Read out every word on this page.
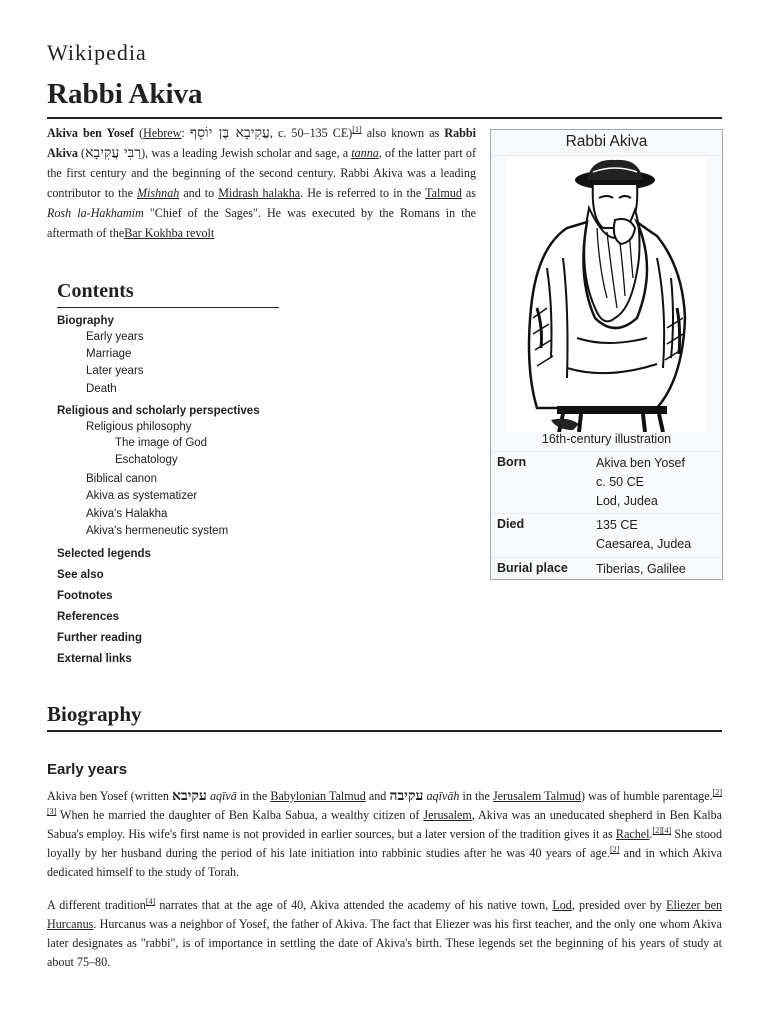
Wikipedia
Rabbi Akiva
Akiva ben Yosef (Hebrew: עֲקִיבָא בֶּן יוֹסֵף, c. 50–135 CE)[1] also known as Rabbi Akiva (רַבִּי עֲקִיבָא), was a leading Jewish scholar and sage, a tanna, of the latter part of the first century and the beginning of the second century. Rabbi Akiva was a leading contributor to the Mishnah and to Midrash halakha. He is referred to in the Talmud as Rosh la-Hakhamim "Chief of the Sages". He was executed by the Romans in the aftermath of theBar Kokhba revolt
Rabbi Akiva
16th-century illustration
Born	Akiva ben Yosef
c. 50 CE
Lod, Judea
Died	135 CE
Caesarea, Judea
Burial place Tiberias, Galilee
Contents
Biography
Early years
Marriage
Later years
Death
Religious and scholarly perspectives
Religious philosophy
The image of God
Eschatology
Biblical canon
Akiva as systematizer
Akiva's Halakha
Akiva's hermeneutic system
Selected legends
See also
Footnotes
References
Further reading
External links
Biography
Early years

Akiva ben Yosef (written עקיבא aqīvā in the Babylonian Talmud and עקיבה aqīvāh in the Jerusalem Talmud) was of humble parentage.[2][3] When he married the daughter of Ben Kalba Sabua, a wealthy citizen of Jerusalem, Akiva was an uneducated shepherd in Ben Kalba Sabua's employ. His wife's first name is not provided in earlier sources, but a later version of the tradition gives it as Rachel.[2][4] She stood loyally by her husband during the period of his late initiation into rabbinic studies after he was 40 years of age.[2] and in which Akiva dedicated himself to the study of Torah.

A different tradition[4] narrates that at the age of 40, Akiva attended the academy of his native town, Lod, presided over by Eliezer ben Hurcanus. Hurcanus was a neighbor of Yosef, the father of Akiva. The fact that Eliezer was his first teacher, and the only one whom Akiva later designates as "rabbi", is of importance in settling the date of Akiva's birth. These legends set the beginning of his years of study at about 75–80.
